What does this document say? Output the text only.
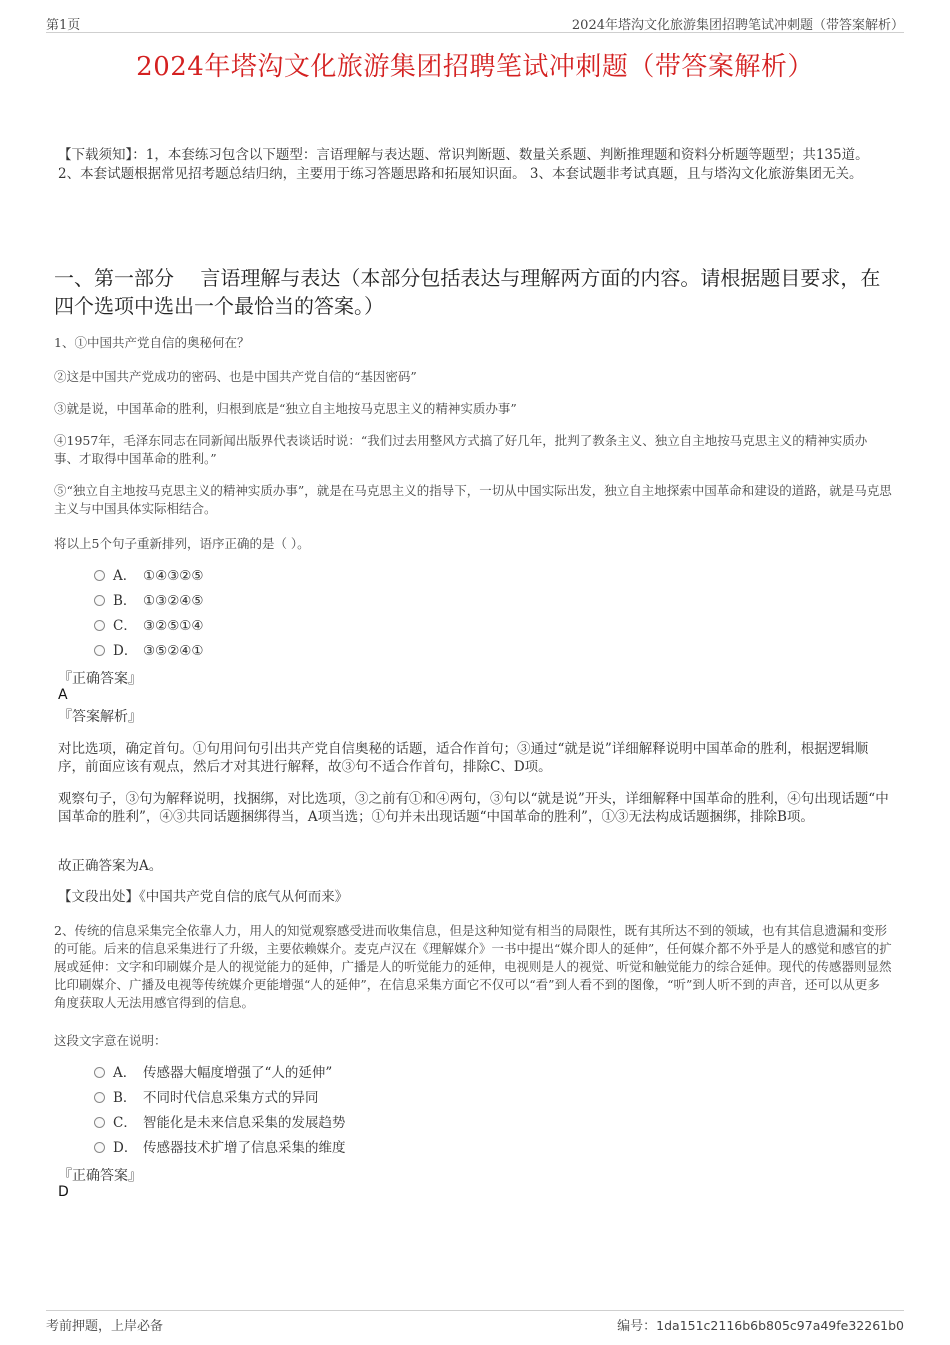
第1页	2024年塔沟文化旅游集团招聘笔试冲刺题（带答案解析）
2024年塔沟文化旅游集团招聘笔试冲刺题（带答案解析）
【下载须知】：1，本套练习包含以下题型：言语理解与表达题、常识判断题、数量关系题、判断推理题和资料分析题等题型；共135道。 2、本套试题根据常见招考题总结归纳，主要用于练习答题思路和拓展知识面。 3、本套试题非考试真题，且与塔沟文化旅游集团无关。
一、第一部分　 言语理解与表达（本部分包括表达与理解两方面的内容。请根据题目要求，在四个选项中选出一个最恰当的答案。）
1、①中国共产党自信的奥秘何在？
②这是中国共产党成功的密码、也是中国共产党自信的“基因密码”
③就是说，中国革命的胜利，归根到底是“独立自主地按马克思主义的精神实质办事”
④1957年，毛泽东同志在同新闻出版界代表谈话时说：“我们过去用整风方式搞了好几年，批判了教条主义、独立自主地按马克思主义的精神实质办事、才取得中国革命的胜利。”
⑤“独立自主地按马克思主义的精神实质办事”，就是在马克思主义的指导下，一切从中国实际出发，独立自主地探索中国革命和建设的道路，就是马克思主义与中国具体实际相结合。
将以上5个句子重新排列，语序正确的是（ ）。
A． ①④③②⑤
B． ①③②④⑤
C． ③②⑤①④
D． ③⑤②④①
『正确答案』
A
『答案解析』
对比选项，确定首句。①句用问句引出共产党自信奥秘的话题，适合作首句；③通过“就是说”详细解释说明中国革命的胜利，根据逻辑顺序，前面应该有观点，然后才对其进行解释，故③句不适合作首句，排除C、D项。
观察句子，③句为解释说明，找捆绑，对比选项，③之前有①和④两句，③句以“就是说”开头，详细解释中国革命的胜利，④句出现话题“中国革命的胜利”，④③共同话题捆绑得当，A项当选；①句并未出现话题“中国革命的胜利”，①③无法构成话题捆绑，排除B项。
故正确答案为A。
【文段出处】《中国共产党自信的底气从何而来》
2、传统的信息采集完全依靠人力，用人的知觉观察感受进而收集信息，但是这种知觉有相当的局限性，既有其所达不到的领域，也有其信息遗漏和变形的可能。后来的信息采集进行了升级，主要依赖媒介。麦克卢汉在《理解媒介》一书中提出“媒介即人的延伸”，任何媒介都不外乎是人的感觉和感官的扩展或延伸：文字和印刷媒介是人的视觉能力的延伸，广播是人的听觉能力的延伸，电视则是人的视觉、听觉和触觉能力的综合延伸。现代的传感器则显然比印刷媒介、广播及电视等传统媒介更能增强“人的延伸”，在信息采集方面它不仅可以“看”到人看不到的图像，“听”到人听不到的声音，还可以从更多角度获取人无法用感官得到的信息。
这段文字意在说明：
A． 传感器大幅度增强了“人的延伸”
B． 不同时代信息采集方式的异同
C． 智能化是未来信息采集的发展趋势
D． 传感器技术扩增了信息采集的维度
『正确答案』
D
考前押题，上岸必备	编号：1da151c2116b6b805c97a49fe32261b0
